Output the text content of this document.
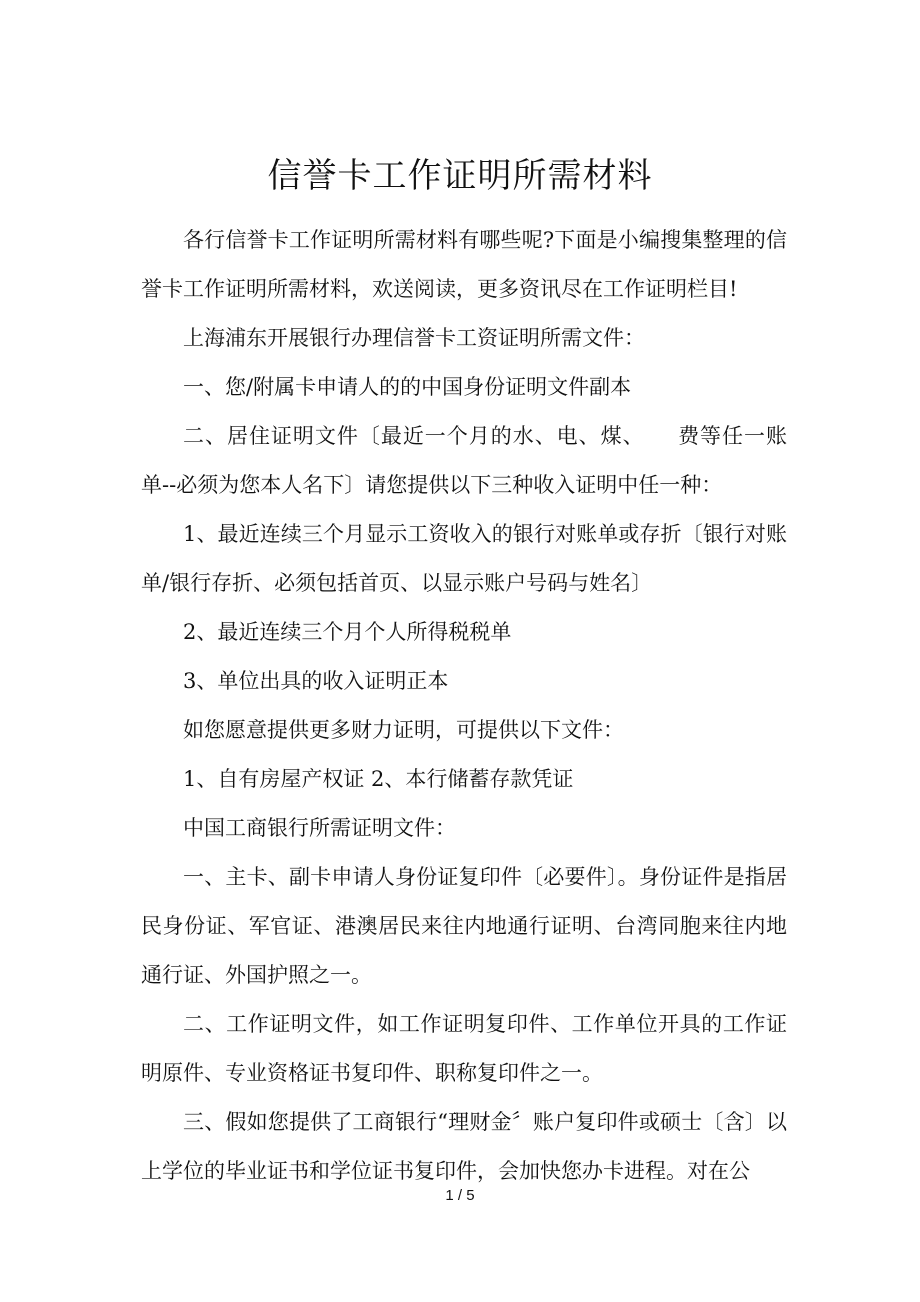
信誉卡工作证明所需材料

各行信誉卡工作证明所需材料有哪些呢?下面是小编搜集整理的信誉卡工作证明所需材料，欢送阅读，更多资讯尽在工作证明栏目!

上海浦东开展银行办理信誉卡工资证明所需文件：

一、您/附属卡申请人的的中国身份证明文件副本

二、居住证明文件〔最近一个月的水、电、煤、　　费等任一账单--必须为您本人名下〕请您提供以下三种收入证明中任一种：

1、最近连续三个月显示工资收入的银行对账单或存折〔银行对账单/银行存折、必须包括首页、以显示账户号码与姓名〕

2、最近连续三个月个人所得税税单

3、单位出具的收入证明正本

如您愿意提供更多财力证明，可提供以下文件：

1、自有房屋产权证 2、本行储蓄存款凭证

中国工商银行所需证明文件：

一、主卡、副卡申请人身份证复印件〔必要件〕。身份证件是指居民身份证、军官证、港澳居民来往内地通行证明、台湾同胞来往内地通行证、外国护照之一。

二、工作证明文件，如工作证明复印件、工作单位开具的工作证明原件、专业资格证书复印件、职称复印件之一。

三、假如您提供了工商银行“理财金〞账户复印件或硕士〔含〕以上学位的毕业证书和学位证书复印件，会加快您办卡进程。对在公

1 / 5
